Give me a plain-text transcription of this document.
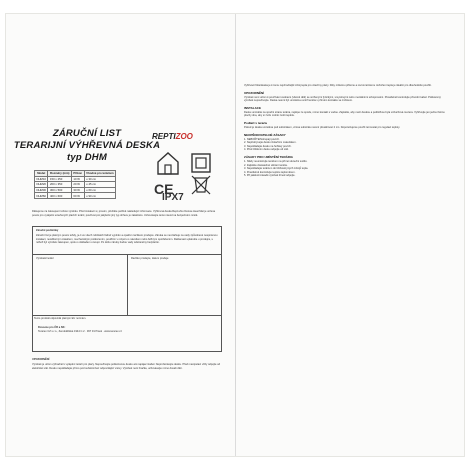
ZÁRUČNÍ LIST
TERARIJNÍ VÝHŘEVNÁ DESKA
typ DHM
REPTIZOO
Model	Rozměry (mm)	Příkon	Vhodné pro terárium
DHM10	150 x 250	10 W	≥ 30 cm
DHM20	200 x 350	20 W	≥ 45 cm
DHM30	300 x 500	30 W	≥ 60 cm
DHM60	400 x 600	60 W	≥ 90 cm	CE
IPX7
Děkujeme za zakoupení tohoto výrobku. Před instalací si, prosím, přečtěte pečlivě následující informace. Výhřevná deska Repti-Zoo Deluxe Heat Mat je určena pouze pro vytápění uzavřených plazích terárií, používat pro jakýkoliv jiný typ ohřevu je zakázáno. Uchovávejte tento návod na bezpečném místě.
Záruční podmínky
Záruční list je platným pouze tehdy, je-li ve všech rubrikách řádně vyplněn a opatřen razítkem prodejce. Záruka se nevztahuje na vady způsobené nesprávnou instalací, neodborným zásahem, mechanickým poškozením, použitím v rozporu s návodem nebo běžným opotřebením. Reklamaci uplatněte u prodejce, u něhož byl výrobek zakoupen, spolu s dokladem o koupi. Po dobu záruky budou vady odstraněny bezplatně.
Výrobek/model:	Razítko prodejce, datum prodeje
Tento produkt odpovídá platným EU normám.
Dovozce pro ČR a SK:
Terarex CZ s.r.o., Zeměděliské 1944 C.2 · 397 01 Písek · www.terarex.cz
UPOZORNĚNÍ
Výrobek je určen výhradně k vytápění terárií pro plazy. Nepoužívejte poškozenou desku ani napájecí kabel. Neprořezávejte desku. Před manipulací vždy odpojte od elektrické sítě. Desku nepokládejte přímo pod substrát bez odpovídající vrstvy. Výrobek není hračka, uchovávejte mimo dosah dětí.
Vyhřívací fólie/deska je k tomu nejvhodnější zdroj tepla pro všechny plazy. Díky nízkému příkonu a rovnoměrnému rozložení tepla je ideální pro dlouhodobé použití.
UPOZORNĚNÍ
Výrobek není určen k používání osobami (včetně dětí) se sníženými fyzickými, smyslovými nebo mentálními schopnostmi. Pravidelně kontrolujte přívodní kabel. Poškozený výrobek nepoužívejte. Deska nesmí být umístěna uvnitř terária v přímém kontaktu se zvířetem.
INSTALACE
Desku umístěte na spodní stranu terária, nejlépe ze spodu, mimo kontakt s vodou. Zajistěte, aby mezi deskou a podložkou byla vzduchová mezera. Vyhřívejte jen jednu třetinu plochy dna, aby si zvíře mohlo zvolit teplotu.
Podlaží v terariu
Pokud je deska umístěna pod substrátem, vrstva substrátu nesmí přesáhnout 2 cm. Doporučujeme použít termostat pro regulaci teploty.
NEOPĚNOVATELNÉ ZÁSADY
1. NEBOŘTE/Nohupají povrch.
2. Nepřekrývejte desku izolačním materiálem.
3. Nepokládejte desku na hořlavý povrch.
4. Před čištěním desku odpojte od sítě.
ZÁSADY PRO UMÍSTĚNÍ TERÁRIA
1. Nikdy neumisťujte terárium na přímé sluneční světlo.
2. Zajistěte dostatečné větrání terária.
3. Nepokládejte terárium do blízkosti jiných zdrojů tepla.
4. Pravidelně kontrolujte teplotu teploměrem.
5. Při jakékoli závadě výrobek ihned odpojte.
